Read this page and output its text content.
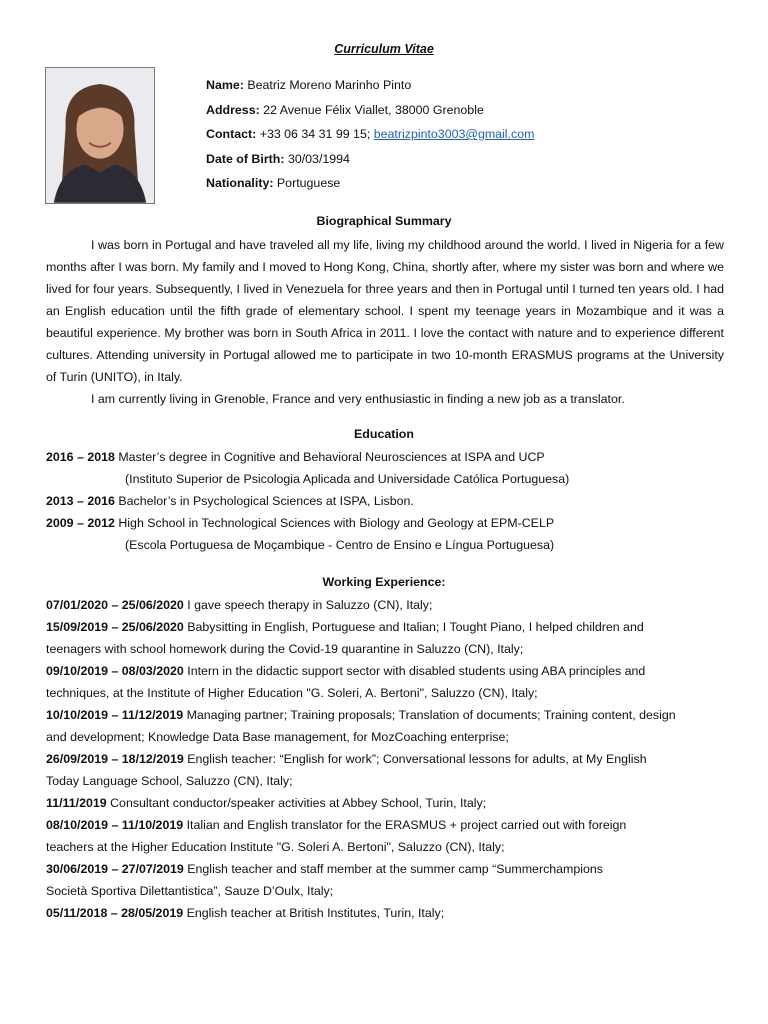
Curriculum Vitae
Name: Beatriz Moreno Marinho Pinto
Address: 22 Avenue Félix Viallet, 38000 Grenoble
Contact: +33 06 34 31 99 15; beatrizpinto3003@gmail.com
Date of Birth: 30/03/1994
Nationality: Portuguese
Biographical Summary

I was born in Portugal and have traveled all my life, living my childhood around the world. I lived in Nigeria for a few months after I was born. My family and I moved to Hong Kong, China, shortly after, where my sister was born and where we lived for four years. Subsequently, I lived in Venezuela for three years and then in Portugal until I turned ten years old. I had an English education until the fifth grade of elementary school. I spent my teenage years in Mozambique and it was a beautiful experience. My brother was born in South Africa in 2011. I love the contact with nature and to experience different cultures. Attending university in Portugal allowed me to participate in two 10-month ERASMUS programs at the University of Turin (UNITO), in Italy.

I am currently living in Grenoble, France and very enthusiastic in finding a new job as a translator.

Education
2016 – 2018 Master’s degree in Cognitive and Behavioral Neurosciences at ISPA and UCP
(Instituto Superior de Psicologia Aplicada and Universidade Católica Portuguesa)
2013 – 2016 Bachelor’s in Psychological Sciences at ISPA, Lisbon.
2009 – 2012 High School in Technological Sciences with Biology and Geology at EPM-CELP
(Escola Portuguesa de Moçambique - Centro de Ensino e Língua Portuguesa)
Working Experience:
07/01/2020 – 25/06/2020 I gave speech therapy in Saluzzo (CN), Italy;
15/09/2019 – 25/06/2020 Babysitting in English, Portuguese and Italian; I Tought Piano, I helped children and
teenagers with school homework during the Covid-19 quarantine in Saluzzo (CN), Italy;
09/10/2019 – 08/03/2020 Intern in the didactic support sector with disabled students using ABA principles and
techniques, at the Institute of Higher Education "G. Soleri, A. Bertoni", Saluzzo (CN), Italy;
10/10/2019 – 11/12/2019 Managing partner; Training proposals; Translation of documents; Training content, design
and development; Knowledge Data Base management, for MozCoaching enterprise;
26/09/2019 – 18/12/2019 English teacher: “English for work”; Conversational lessons for adults, at My English
Today Language School, Saluzzo (CN), Italy;
11/11/2019 Consultant conductor/speaker activities at Abbey School, Turin, Italy;
08/10/2019 – 11/10/2019 Italian and English translator for the ERASMUS + project carried out with foreign
teachers at the Higher Education Institute "G. Soleri A. Bertoni", Saluzzo (CN), Italy;
30/06/2019 – 27/07/2019 English teacher and staff member at the summer camp “Summerchampions
Società Sportiva Dilettantistica”, Sauze D’Oulx, Italy;
05/11/2018 – 28/05/2019 English teacher at British Institutes, Turin, Italy;
